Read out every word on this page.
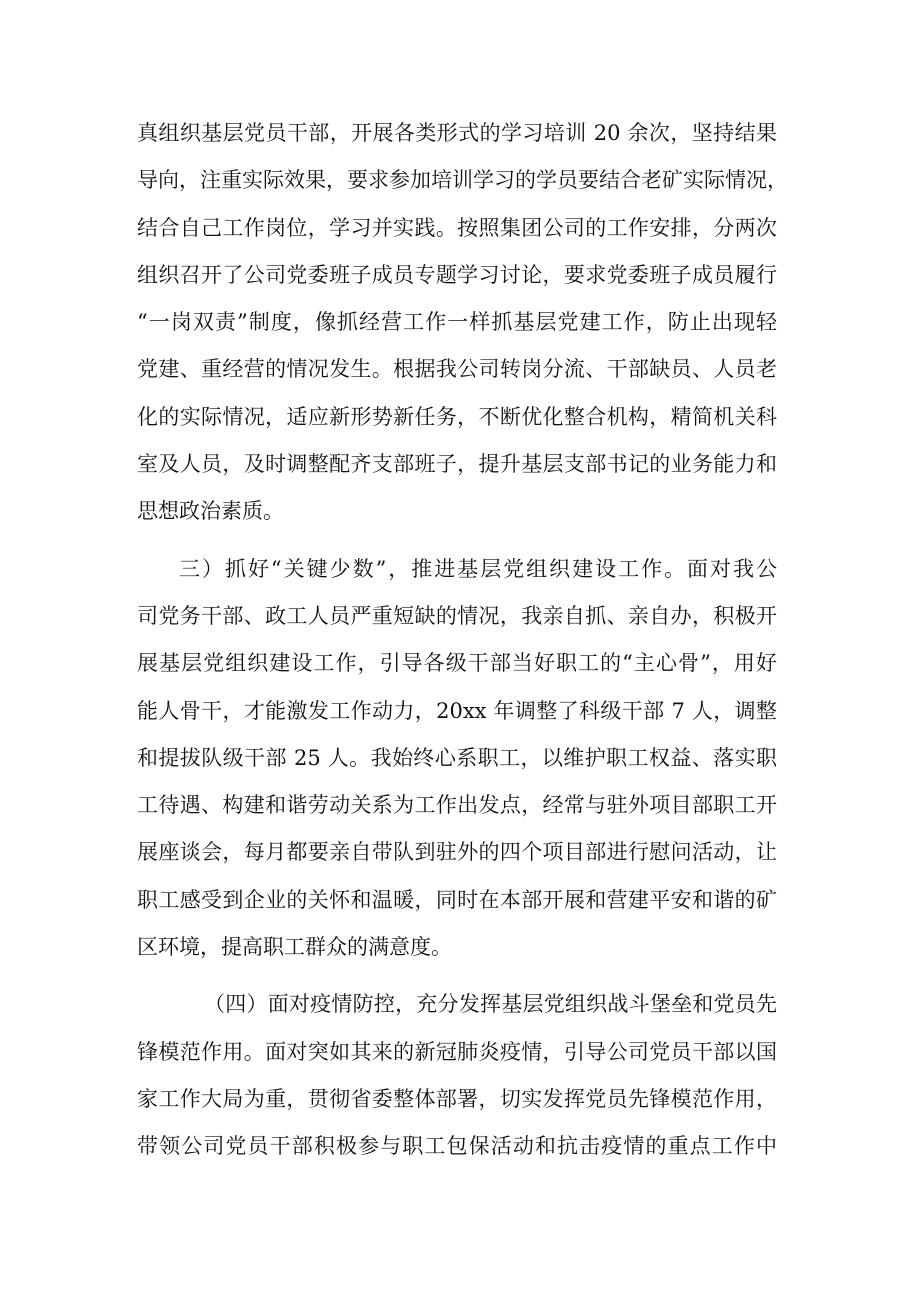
真组织基层党员干部，开展各类形式的学习培训 20 余次，坚持结果
导向，注重实际效果，要求参加培训学习的学员要结合老矿实际情况，
结合自己工作岗位，学习并实践。按照集团公司的工作安排，分两次
组织召开了公司党委班子成员专题学习讨论，要求党委班子成员履行
“一岗双责”制度，像抓经营工作一样抓基层党建工作，防止出现轻
党建、重经营的情况发生。根据我公司转岗分流、干部缺员、人员老
化的实际情况，适应新形势新任务，不断优化整合机构，精简机关科
室及人员，及时调整配齐支部班子，提升基层支部书记的业务能力和
思想政治素质。
三）抓好“关键少数”，推进基层党组织建设工作。面对我公
司党务干部、政工人员严重短缺的情况，我亲自抓、亲自办，积极开
展基层党组织建设工作，引导各级干部当好职工的“主心骨”，用好
能人骨干，才能激发工作动力，20xx 年调整了科级干部 7 人，调整
和提拔队级干部 25 人。我始终心系职工，以维护职工权益、落实职
工待遇、构建和谐劳动关系为工作出发点，经常与驻外项目部职工开
展座谈会，每月都要亲自带队到驻外的四个项目部进行慰问活动，让
职工感受到企业的关怀和温暖，同时在本部开展和营建平安和谐的矿
区环境，提高职工群众的满意度。
（四）面对疫情防控，充分发挥基层党组织战斗堡垒和党员先
锋模范作用。面对突如其来的新冠肺炎疫情，引导公司党员干部以国
家工作大局为重，贯彻省委整体部署，切实发挥党员先锋模范作用，
带领公司党员干部积极参与职工包保活动和抗击疫情的重点工作中
